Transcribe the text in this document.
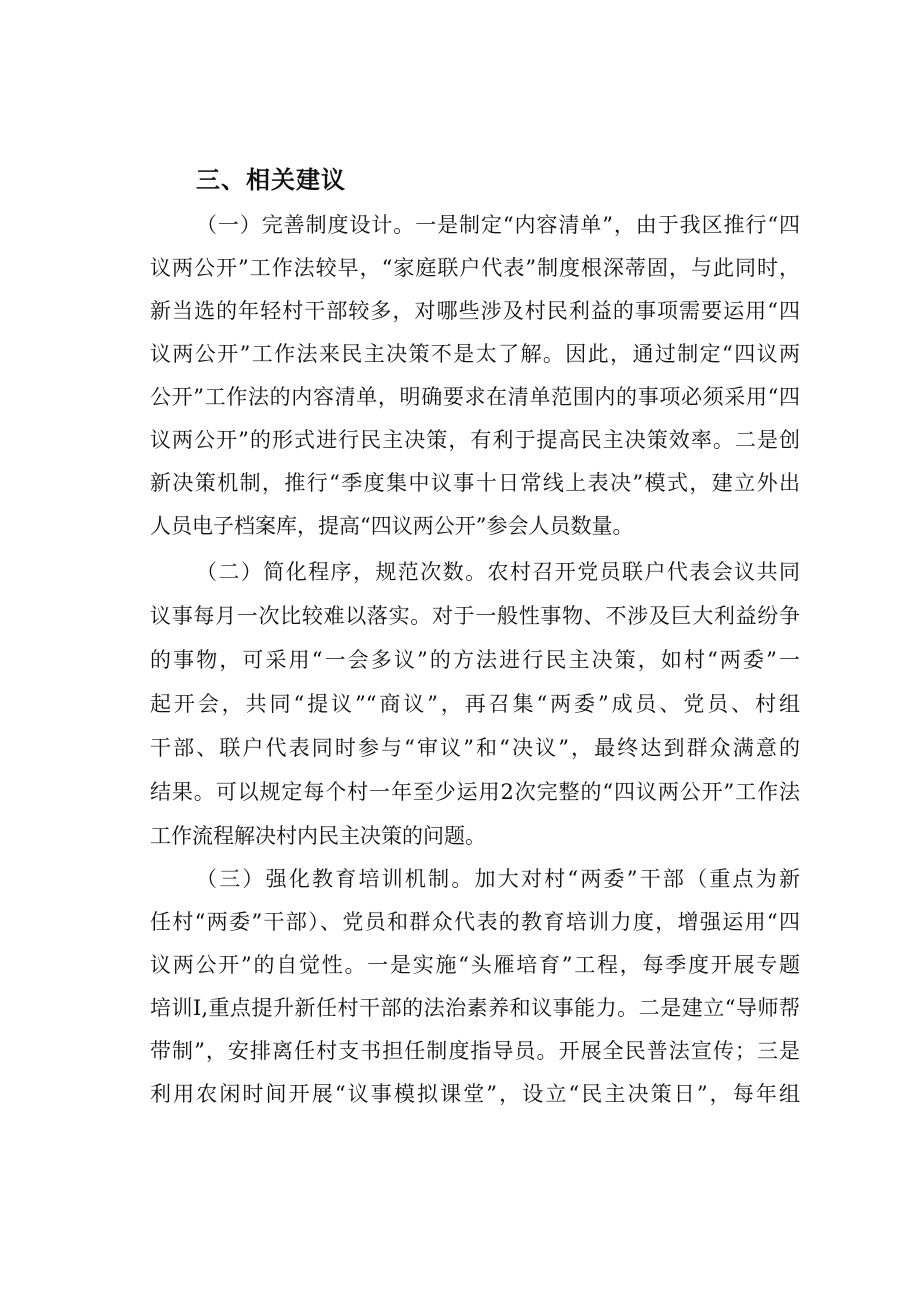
三、相关建议
（一）完善制度设计。一是制定“内容清单”，由于我区推行“四
议两公开”工作法较早，“家庭联户代表”制度根深蒂固，与此同时，
新当选的年轻村干部较多，对哪些涉及村民利益的事项需要运用“四
议两公开”工作法来民主决策不是太了解。因此，通过制定“四议两
公开”工作法的内容清单，明确要求在清单范围内的事项必须采用“四
议两公开”的形式进行民主决策，有利于提高民主决策效率。二是创
新决策机制，推行“季度集中议事十日常线上表决”模式，建立外出
人员电子档案库，提高“四议两公开”参会人员数量。
（二）简化程序，规范次数。农村召开党员联户代表会议共同
议事每月一次比较难以落实。对于一般性事物、不涉及巨大利益纷争
的事物，可采用“一会多议”的方法进行民主决策，如村“两委”一
起开会，共同“提议”“商议”，再召集“两委”成员、党员、村组
干部、联户代表同时参与“审议”和“决议”，最终达到群众满意的
结果。可以规定每个村一年至少运用2次完整的“四议两公开”工作法
工作流程解决村内民主决策的问题。
（三）强化教育培训机制。加大对村“两委”干部（重点为新
任村“两委”干部）、党员和群众代表的教育培训力度，增强运用“四
议两公开”的自觉性。一是实施“头雁培育”工程，每季度开展专题
培训I,重点提升新任村干部的法治素养和议事能力。二是建立“导师帮
带制”，安排离任村支书担任制度指导员。开展全民普法宣传；三是
利用农闲时间开展“议事模拟课堂”，设立“民主决策日”，每年组
